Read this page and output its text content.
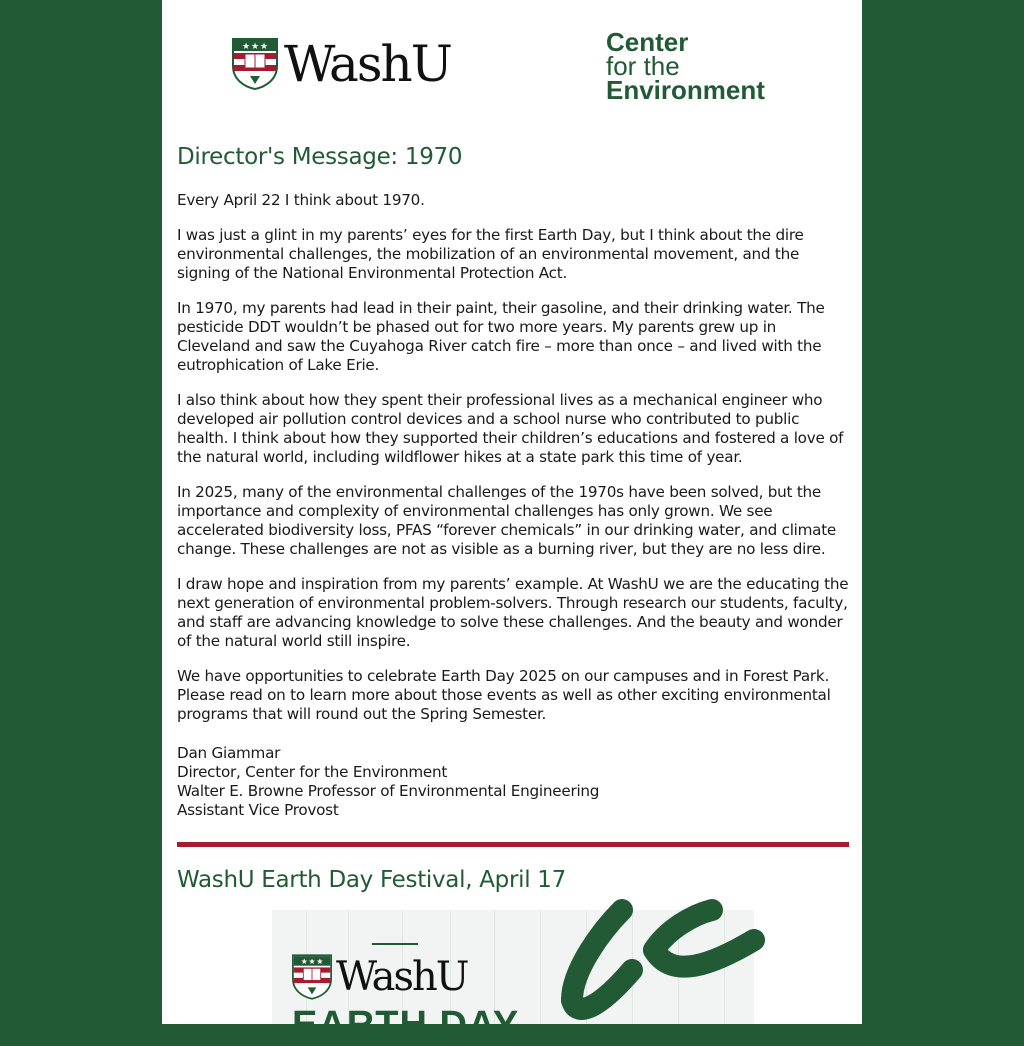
★ ★ ★ WashU	Center
for the
Environment
Director's Message: 1970

Every April 22 I think about 1970.

I was just a glint in my parents’ eyes for the first Earth Day, but I think about the dire environmental challenges, the mobilization of an environmental movement, and the signing of the National Environmental Protection Act.

In 1970, my parents had lead in their paint, their gasoline, and their drinking water. The pesticide DDT wouldn’t be phased out for two more years. My parents grew up in Cleveland and saw the Cuyahoga River catch fire – more than once – and lived with the eutrophication of Lake Erie.

I also think about how they spent their professional lives as a mechanical engineer who developed air pollution control devices and a school nurse who contributed to public health. I think about how they supported their children’s educations and fostered a love of the natural world, including wildflower hikes at a state park this time of year.

In 2025, many of the environmental challenges of the 1970s have been solved, but the importance and complexity of environmental challenges has only grown. We see accelerated biodiversity loss, PFAS “forever chemicals” in our drinking water, and climate change. These challenges are not as visible as a burning river, but they are no less dire.

I draw hope and inspiration from my parents’ example. At WashU we are the educating the next generation of environmental problem-solvers. Through research our students, faculty, and staff are advancing knowledge to solve these challenges. And the beauty and wonder of the natural world still inspire.

We have opportunities to celebrate Earth Day 2025 on our campuses and in Forest Park. Please read on to learn more about those events as well as other exciting environmental programs that will round out the Spring Semester.

Dan Giammar
Director, Center for the Environment
Walter E. Browne Professor of Environmental Engineering
Assistant Vice Provost
WashU Earth Day Festival, April 17
★ ★ ★ WashU
EARTH DAY
